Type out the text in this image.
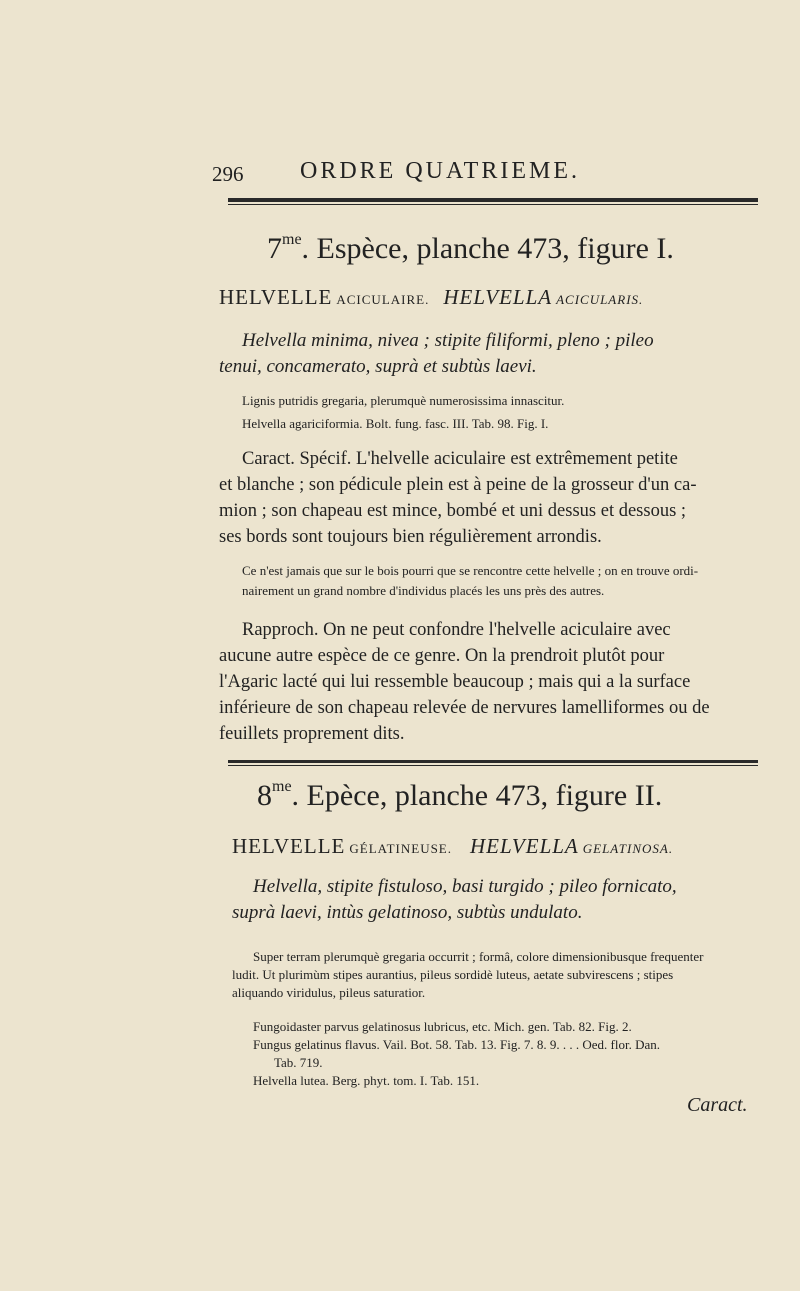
296 ORDRE QUATRIEME.
$7^{me}$. Espèce, planche 473, figure I.
HELVELLE ACICULAIRE. HELVELLA ACICULARIS.
Helvella minima, nivea ; stipite filiformi, pleno ; pileo
tenui, concamerato, suprà et subtùs laevi.
Lignis putridis gregaria, plerumquè numerosissima innascitur.
Helvella agariciformia. Bolt. fung. fasc. III. Tab. 98. Fig. I.
Caract. Spécif. L'helvelle aciculaire est extrêmement petite
et blanche ; son pédicule plein est à peine de la grosseur d'un ca-
mion ; son chapeau est mince, bombé et uni dessus et dessous ;
ses bords sont toujours bien régulièrement arrondis.
Ce n'est jamais que sur le bois pourri que se rencontre cette helvelle ; on en trouve ordi-
nairement un grand nombre d'individus placés les uns près des autres.
Rapproch. On ne peut confondre l'helvelle aciculaire avec
aucune autre espèce de ce genre. On la prendroit plutôt pour
l'Agaric lacté qui lui ressemble beaucoup ; mais qui a la surface
inférieure de son chapeau relevée de nervures lamelliformes ou de
feuillets proprement dits.
$8^{me}$. Epèce, planche 473, figure II.
HELVELLE GÉLATINEUSE. HELVELLA GELATINOSA.
Helvella, stipite fistuloso, basi turgido ; pileo fornicato,
suprà laevi, intùs gelatinoso, subtùs undulato.
Super terram plerumquè gregaria occurrit ; formâ, colore dimensionibusque frequenter
ludit. Ut plurimùm stipes aurantius, pileus sordidè luteus, aetate subvirescens ; stipes
aliquando viridulus, pileus saturatior.
Fungoidaster parvus gelatinosus lubricus, etc. Mich. gen. Tab. 82. Fig. 2.
Fungus gelatinus flavus. Vail. Bot. 58. Tab. 13. Fig. 7. 8. 9. . . . Oed. flor. Dan.
Tab. 719.
Helvella lutea. Berg. phyt. tom. I. Tab. 151.
Caract.
